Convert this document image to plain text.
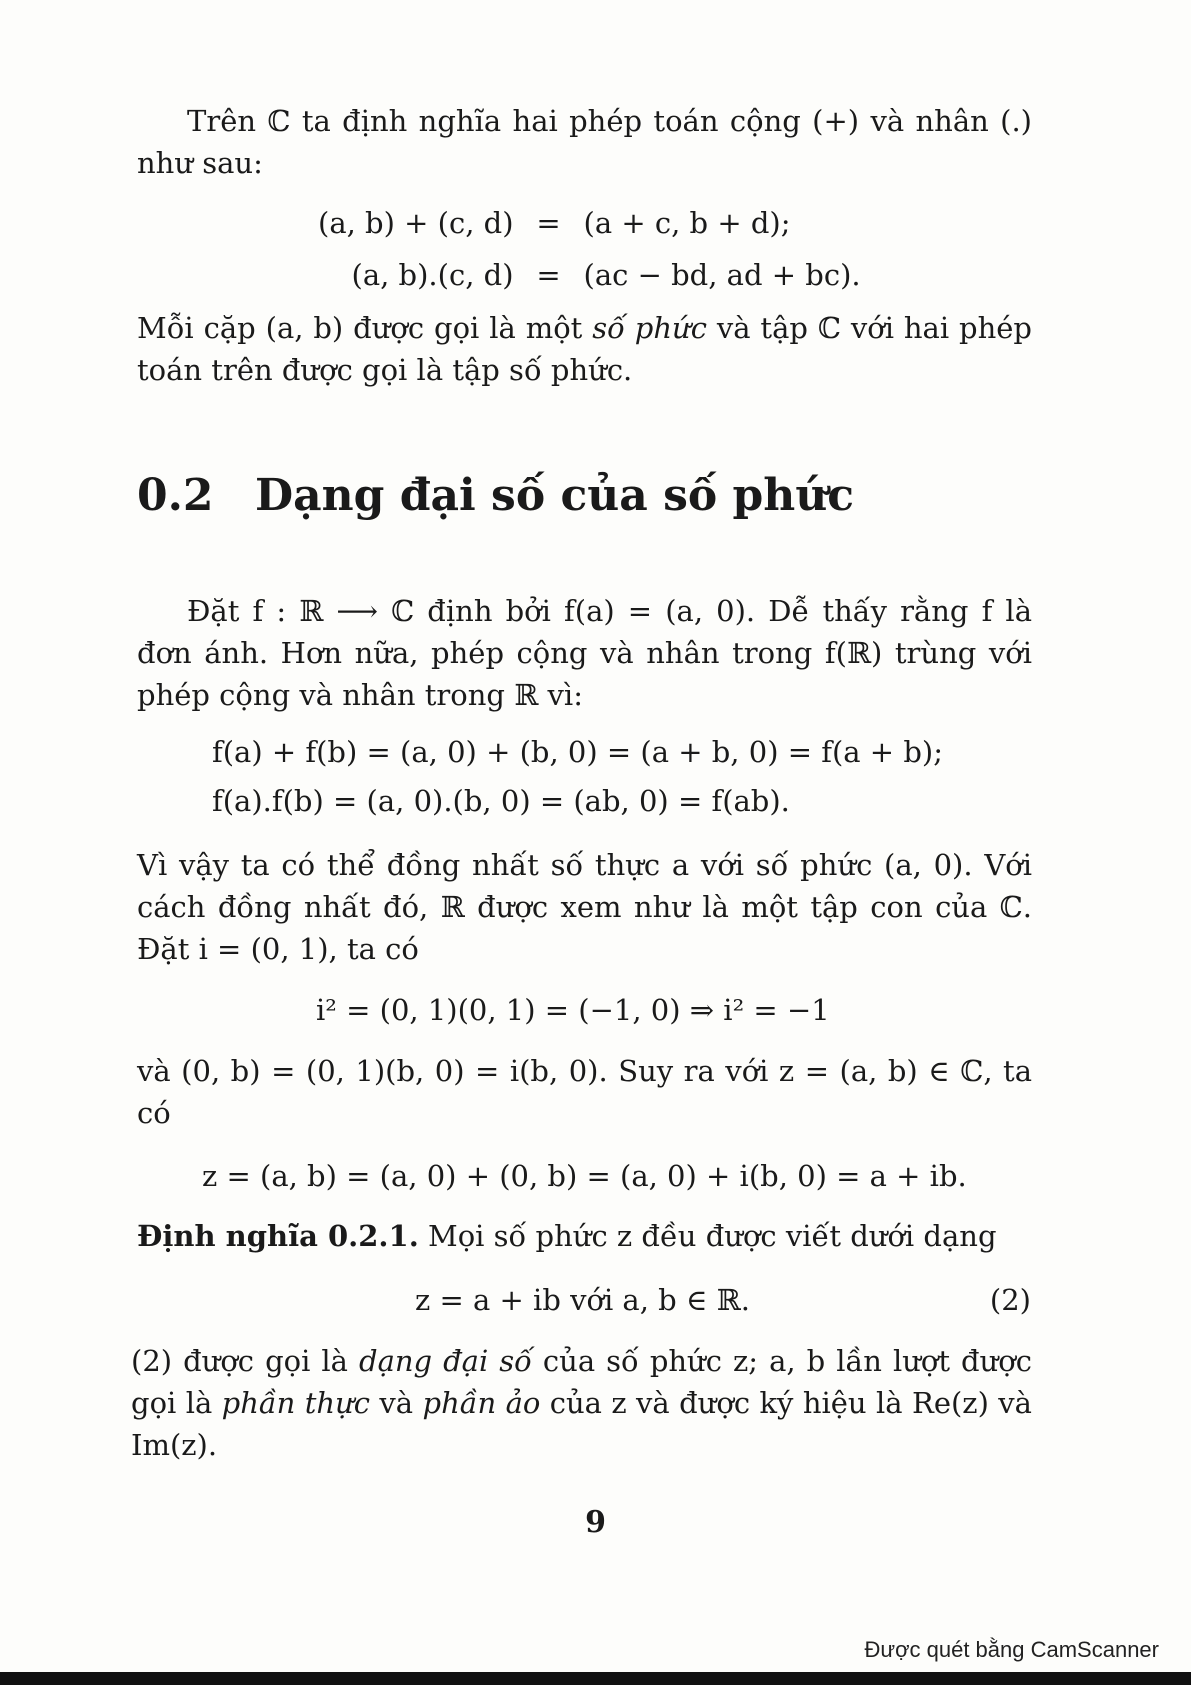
Trên ℂ ta định nghĩa hai phép toán cộng (+) và nhân (.) như sau:

(a, b) + (c, d) = (a + c, b + d);
(a, b).(c, d) = (ac − bd, ad + bc).

Mỗi cặp (a, b) được gọi là một số phức và tập ℂ với hai phép toán trên được gọi là tập số phức.

0.2 Dạng đại số của số phức

Đặt f : ℝ ⟶ ℂ định bởi f(a) = (a, 0). Dễ thấy rằng f là đơn ánh. Hơn nữa, phép cộng và nhân trong f(ℝ) trùng với phép cộng và nhân trong ℝ vì:

f(a) + f(b) = (a, 0) + (b, 0) = (a + b, 0) = f(a + b);
f(a).f(b) = (a, 0).(b, 0) = (ab, 0) = f(ab).

Vì vậy ta có thể đồng nhất số thực a với số phức (a, 0). Với cách đồng nhất đó, ℝ được xem như là một tập con của ℂ. Đặt i = (0, 1), ta có

i² = (0, 1)(0, 1) = (−1, 0) ⇒ i² = −1

và (0, b) = (0, 1)(b, 0) = i(b, 0). Suy ra với z = (a, b) ∈ ℂ, ta có

z = (a, b) = (a, 0) + (0, b) = (a, 0) + i(b, 0) = a + ib.

Định nghĩa 0.2.1. Mọi số phức z đều được viết dưới dạng

z = a + ib với a, b ∈ ℝ.	(2)

(2) được gọi là dạng đại số của số phức z; a, b lần lượt được gọi là phần thực và phần ảo của z và được ký hiệu là Re(z) và Im(z).

9
Được quét bằng CamScanner
